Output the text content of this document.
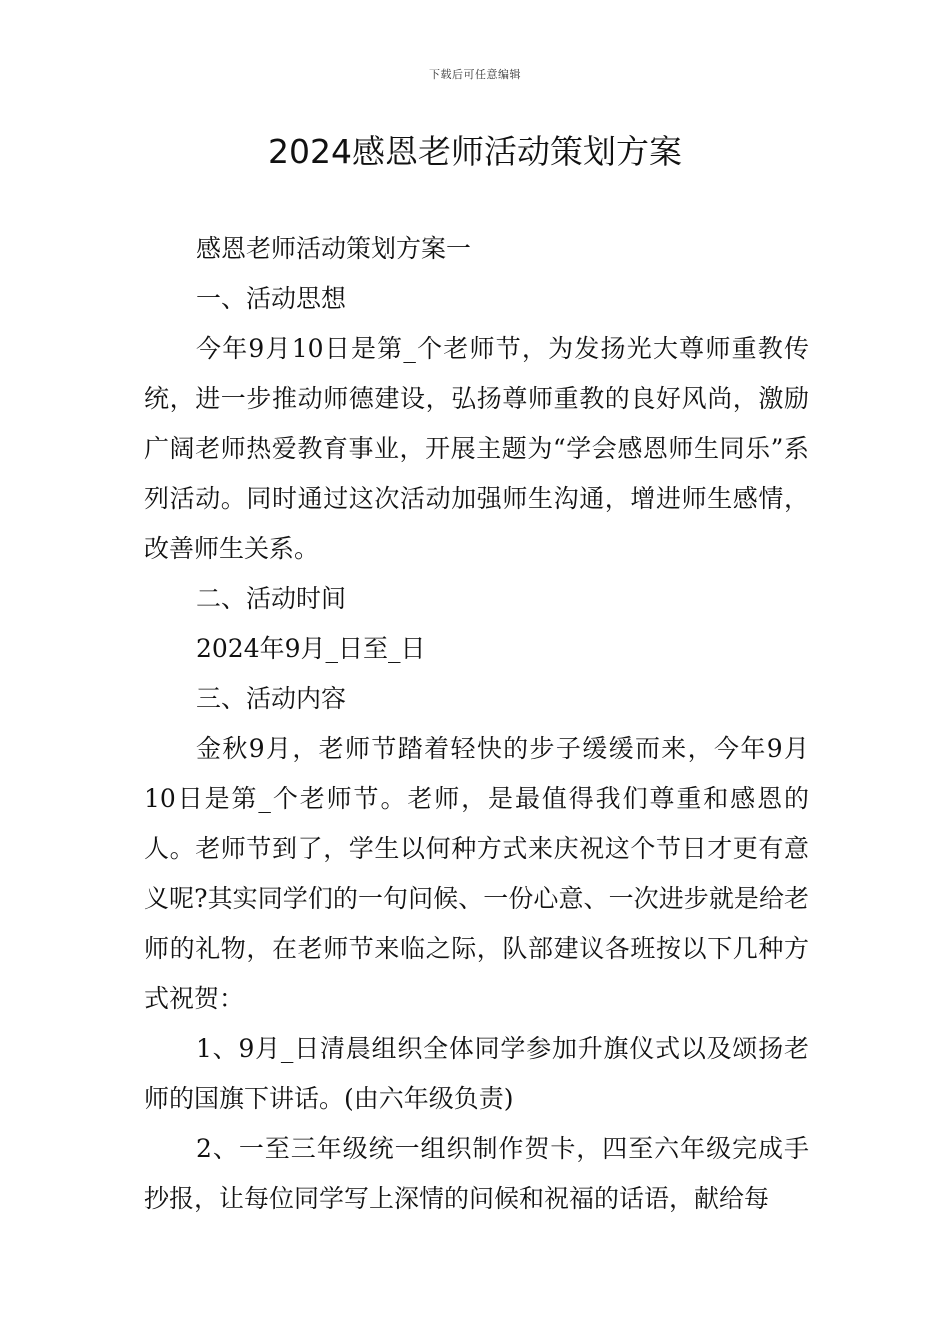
下载后可任意编辑
2024感恩老师活动策划方案

感恩老师活动策划方案一

一、活动思想

今年9月10日是第_个老师节，为发扬光大尊师重教传统，进一步推动师德建设，弘扬尊师重教的良好风尚，激励广阔老师热爱教育事业，开展主题为“学会感恩师生同乐”系列活动。同时通过这次活动加强师生沟通，增进师生感情，改善师生关系。

二、活动时间

2024年9月_日至_日

三、活动内容

金秋9月，老师节踏着轻快的步子缓缓而来，今年9月10日是第_个老师节。老师，是最值得我们尊重和感恩的人。老师节到了，学生以何种方式来庆祝这个节日才更有意义呢?其实同学们的一句问候、一份心意、一次进步就是给老师的礼物，在老师节来临之际，队部建议各班按以下几种方式祝贺：

1、9月_日清晨组织全体同学参加升旗仪式以及颂扬老师的国旗下讲话。(由六年级负责)

2、一至三年级统一组织制作贺卡，四至六年级完成手抄报，让每位同学写上深情的问候和祝福的话语，献给每
